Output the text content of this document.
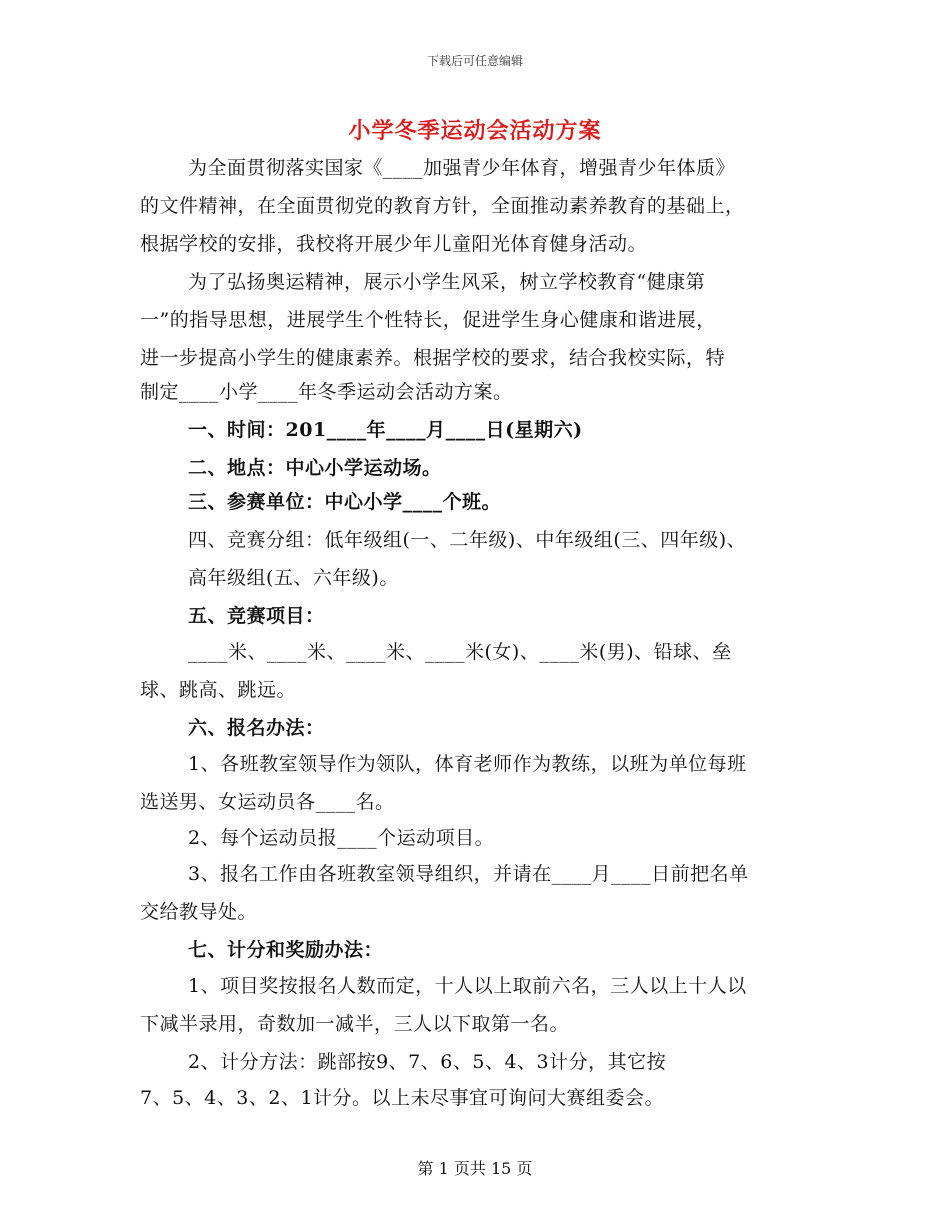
下载后可任意编辑
小学冬季运动会活动方案
为全面贯彻落实国家《____加强青少年体育，增强青少年体质》
的文件精神，在全面贯彻党的教育方针，全面推动素养教育的基础上，
根据学校的安排，我校将开展少年儿童阳光体育健身活动。
为了弘扬奥运精神，展示小学生风采，树立学校教育“健康第
一”的指导思想，进展学生个性特长，促进学生身心健康和谐进展，
进一步提高小学生的健康素养。根据学校的要求，结合我校实际，特
制定____小学____年冬季运动会活动方案。
一、时间：201____年____月____日(星期六)
二、地点：中心小学运动场。
三、参赛单位：中心小学____个班。
四、竞赛分组：低年级组(一、二年级)、中年级组(三、四年级)、
高年级组(五、六年级)。
五、竞赛项目：
____米、____米、____米、____米(女)、____米(男)、铅球、垒
球、跳高、跳远。
六、报名办法：
1、各班教室领导作为领队，体育老师作为教练，以班为单位每班
选送男、女运动员各____名。
2、每个运动员报____个运动项目。
3、报名工作由各班教室领导组织，并请在____月____日前把名单
交给教导处。
七、计分和奖励办法：
1、项目奖按报名人数而定，十人以上取前六名，三人以上十人以
下减半录用，奇数加一减半，三人以下取第一名。
2、计分方法：跳部按9、7、6、5、4、3计分，其它按
7、5、4、3、2、1计分。以上未尽事宜可询问大赛组委会。
第 1 页共 15 页
